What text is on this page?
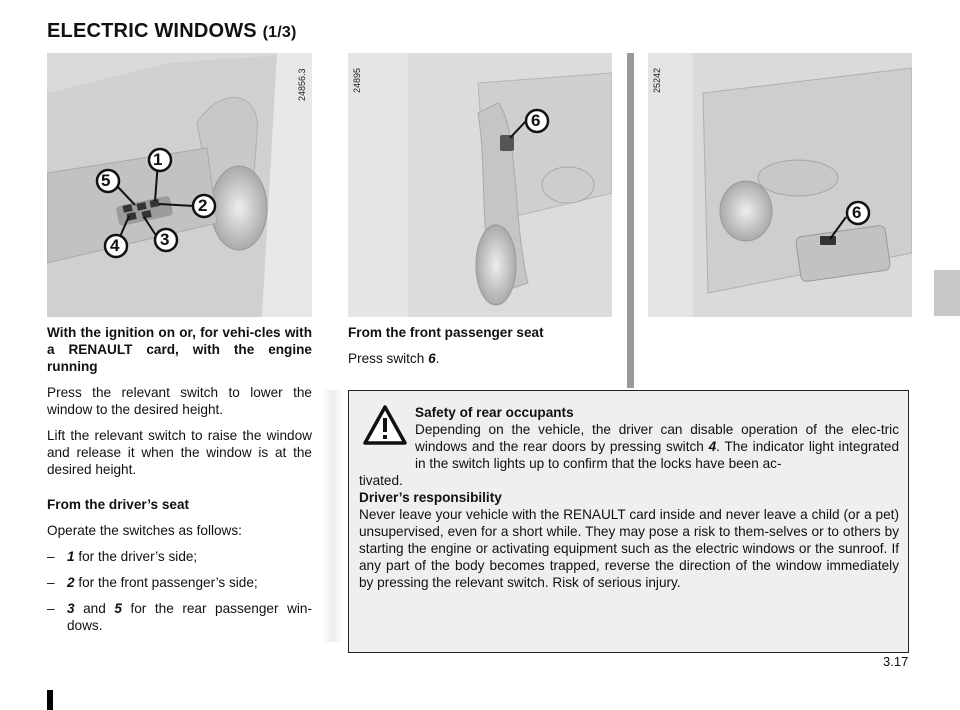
ELECTRIC WINDOWS (1/3)
1
5
2
3
4
24856.3
6
24895
6
25242

With the ignition on or, for vehi-cles with a RENAULT card, with the engine running

Press the relevant switch to lower the window to the desired height.

Lift the relevant switch to raise the window and release it when the window is at the desired height.

From the driver’s seat

Operate the switches as follows:

– 1 for the driver’s side;
– 2 for the front passenger’s side;
– 3 and 5 for the rear passenger win-dows.

From the front passenger seat

Press switch 6.

Safety of rear occupants
Depending on the vehicle, the driver can disable operation of the elec-tric windows and the rear doors by pressing switch 4. The indicator light integrated in the switch lights up to confirm that the locks have been ac-
tivated.
Driver’s responsibility
Never leave your vehicle with the RENAULT card inside and never leave a child (or a pet) unsupervised, even for a short while. They may pose a risk to them-selves or to others by starting the engine or activating equipment such as the electric windows or the sunroof. If any part of the body becomes trapped, reverse the direction of the window immediately by pressing the relevant switch. Risk of serious injury.
3.17
